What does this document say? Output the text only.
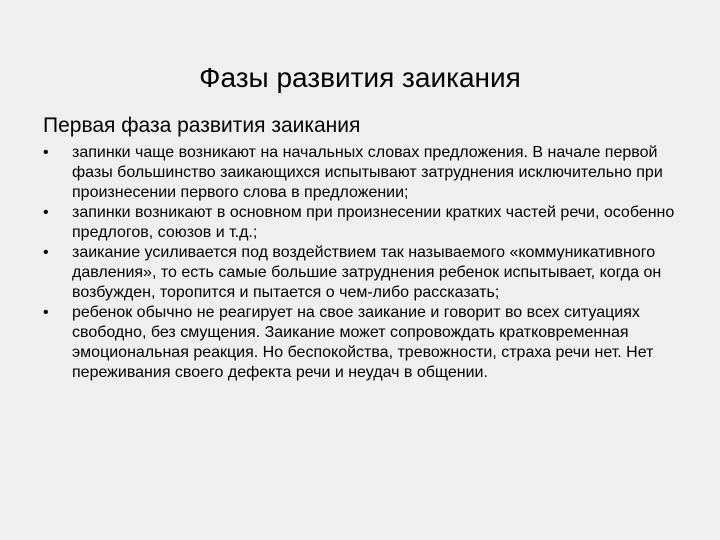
Фазы развития заикания
Первая фаза развития заикания
•	запинки чаще возникают на начальных словах предложения. В начале первой фазы большинство заикающихся испытывают затруднения исключительно при произнесении первого слова в предложении;
•	запинки возникают в основном при произнесении кратких частей речи, особенно предлогов, союзов и т.д.;
•	заикание усиливается под воздействием так называемого «коммуникативного давления», то есть самые большие затруднения ребенок испытывает, когда он возбужден, торопится и пытается о чем-либо рассказать;
•	ребенок обычно не реагирует на свое заикание и говорит во всех ситуациях свободно, без смущения. Заикание может сопровождать кратковременная эмоциональная реакция. Но беспокойства, тревожности, страха речи нет. Нет переживания своего дефекта речи и неудач в общении.
